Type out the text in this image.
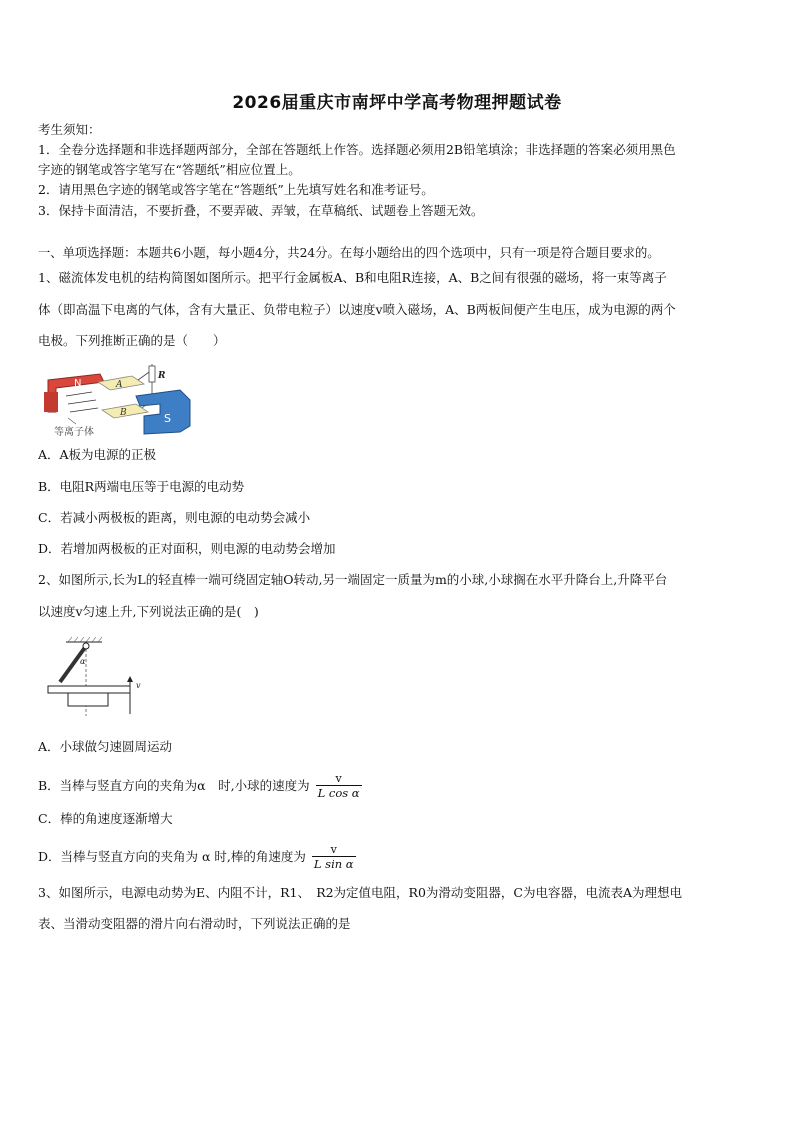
2026届重庆市南坪中学高考物理押题试卷
考生须知：
1．全卷分选择题和非选择题两部分，全部在答题纸上作答。选择题必须用2B铅笔填涂；非选择题的答案必须用黑色
字迹的钢笔或答字笔写在“答题纸”相应位置上。
2．请用黑色字迹的钢笔或答字笔在“答题纸”上先填写姓名和准考证号。
3．保持卡面清洁，不要折叠，不要弄破、弄皱，在草稿纸、试题卷上答题无效。
一、单项选择题：本题共6小题，每小题4分，共24分。在每小题给出的四个选项中，只有一项是符合题目要求的。
1、磁流体发电机的结构简图如图所示。把平行金属板A、B和电阻R连接，A、B之间有很强的磁场，将一束等离子
体（即高温下电离的气体，含有大量正、负带电粒子）以速度v喷入磁场，A、B两板间便产生电压，成为电源的两个
电极。下列推断正确的是（　　）
N	A
B
R
S
等离子体
A．A板为电源的正极
B．电阻R两端电压等于电源的电动势
C．若减小两极板的距离，则电源的电动势会减小
D．若增加两极板的正对面积，则电源的电动势会增加
2、如图所示,长为L的轻直棒一端可绕固定轴O转动,另一端固定一质量为m的小球,小球搁在水平升降台上,升降平台
以速度v匀速上升,下列说法正确的是(　)
α
v
A．小球做匀速圆周运动
B．当棒与竖直方向的夹角为α　时,小球的速度为 $\frac{v}{\text{L cos α}}$
C．棒的角速度逐渐增大
D．当棒与竖直方向的夹角为 α 时,棒的角速度为 $\frac{v}{\text{L sin α}}$
3、如图所示，电源电动势为E、内阻不计，R1、　R2为定值电阻，R0为滑动变阻器，C为电容器，电流表A为理想电
表、当滑动变阻器的滑片向右滑动时，下列说法正确的是
